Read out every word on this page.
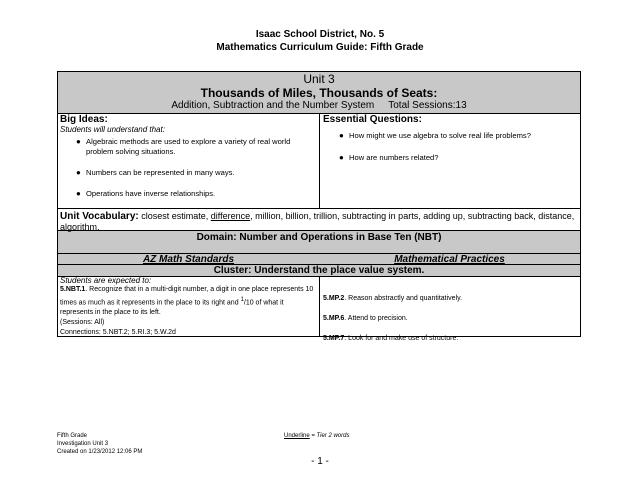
Isaac School District, No. 5
Mathematics Curriculum Guide: Fifth Grade
Unit 3
Thousands of Miles, Thousands of Seats:
Addition, Subtraction and the Number System Total Sessions:13
Big Ideas:
Students will understand that:
● Algebraic methods are used to explore a variety of real world problem solving situations.
● Numbers can be represented in many ways.
● Operations have inverse relationships.
Essential Questions:
● How might we use algebra to solve real life problems?
● How are numbers related?
Unit Vocabulary: closest estimate, difference, million, billion, trillion, subtracting in parts, adding up, subtracting back, distance, algorithm.
Domain: Number and Operations in Base Ten (NBT)
AZ Math Standards	Mathematical Practices
Cluster: Understand the place value system.
Students are expected to:
5.NBT.1. Recognize that in a multi-digit number, a digit in one place represents 10 times as much as it represents in the place to its right and 1/10 of what it represents in the place to its left.
(Sessions: All)
Connections: 5.NBT.2; 5.RI.3; 5.W.2d
5.MP.2. Reason abstractly and quantitatively.
5.MP.6. Attend to precision.
5.MP.7. Look for and make use of structure.
Fifth Grade
Investigation Unit 3
Created on 1/23/2012 12:06 PM
Underline = Tier 2 words
- 1 -
